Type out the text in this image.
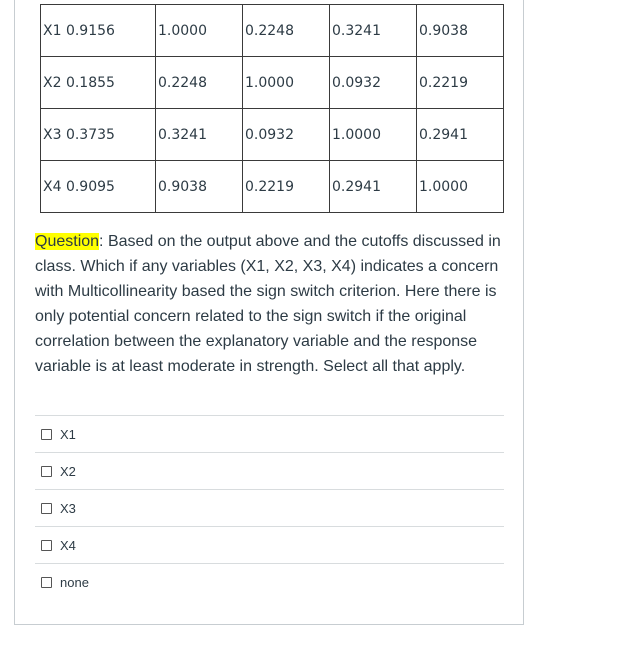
X1 0.9156	1.0000	0.2248	0.3241	0.9038
X2 0.1855	0.2248	1.0000	0.0932	0.2219
X3 0.3735	0.3241	0.0932	1.0000	0.2941
X4 0.9095	0.9038	0.2219	0.2941	1.0000
Question: Based on the output above and the cutoffs discussed in class. Which if any variables (X1, X2, X3, X4) indicates a concern with Multicollinearity based the sign switch criterion. Here there is only potential concern related to the sign switch if the original correlation between the explanatory variable and the response variable is at least moderate in strength. Select all that apply.
X1
X2
X3
X4
none
